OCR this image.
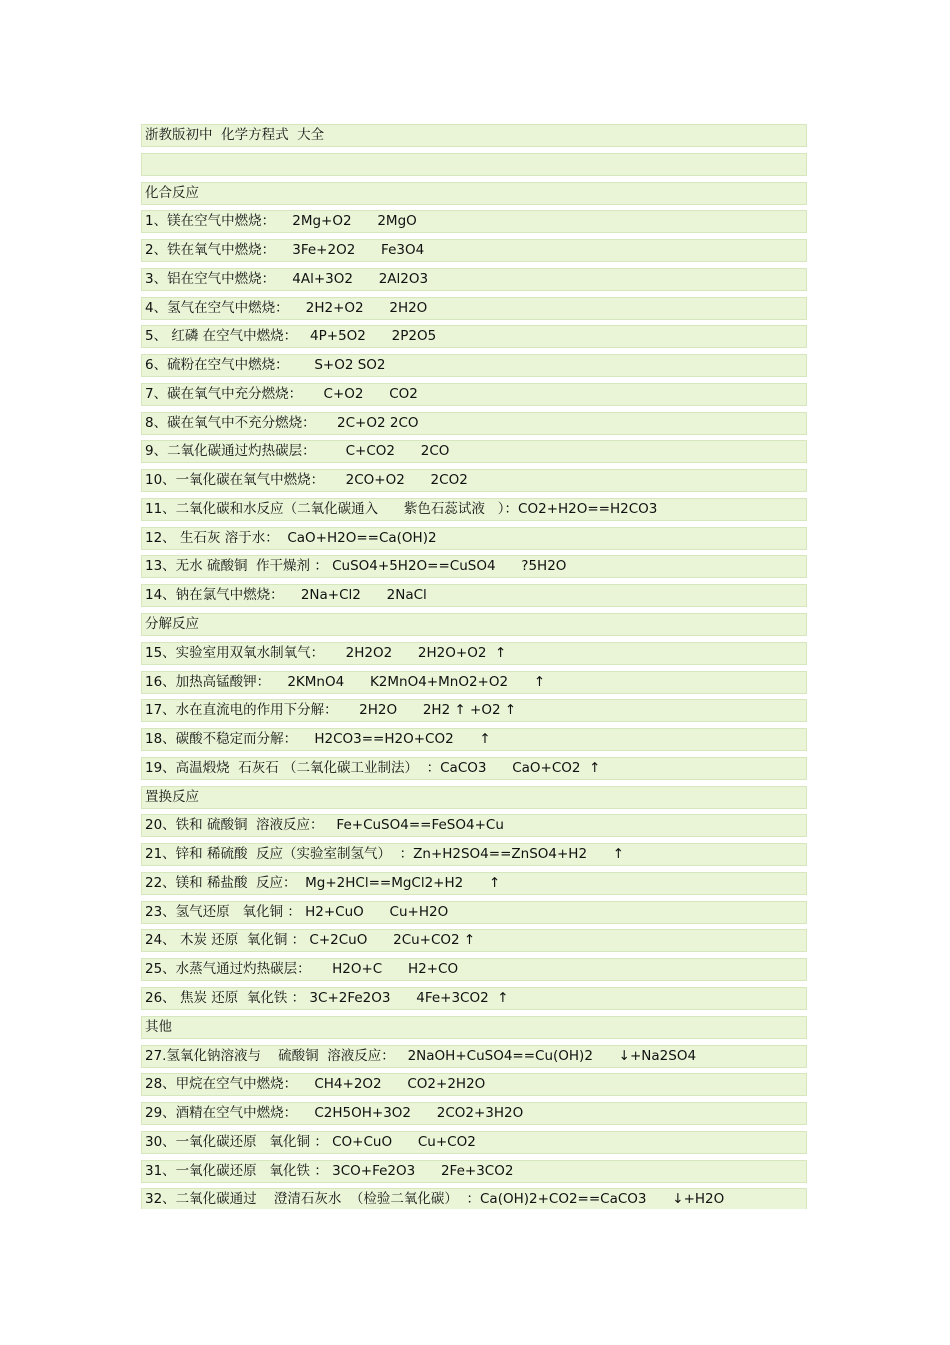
浙教版初中  化学方程式  大全
化合反应
1、镁在空气中燃烧：    2Mg+O2      2MgO
2、铁在氧气中燃烧：    3Fe+2O2      Fe3O4
3、铝在空气中燃烧：    4Al+3O2      2Al2O3
4、氢气在空气中燃烧：    2H2+O2      2H2O
5、 红磷 在空气中燃烧：   4P+5O2      2P2O5
6、硫粉在空气中燃烧：      S+O2 SO2
7、碳在氧气中充分燃烧：     C+O2      CO2
8、碳在氧气中不充分燃烧：     2C+O2 2CO
9、二氧化碳通过灼热碳层：       C+CO2      2CO
10、一氧化碳在氧气中燃烧：     2CO+O2      2CO2
11、二氧化碳和水反应（二氧化碳通入      紫色石蕊试液   ）：CO2+H2O==H2CO3
12、 生石灰 溶于水：  CaO+H2O==Ca(OH)2
13、无水 硫酸铜  作干燥剂 ： CuSO4+5H2O==CuSO4      ?5H2O
14、钠在氯气中燃烧：    2Na+Cl2      2NaCl
分解反应
15、实验室用双氧水制氧气：     2H2O2      2H2O+O2  ↑
16、加热高锰酸钾：    2KMnO4      K2MnO4+MnO2+O2      ↑
17、水在直流电的作用下分解：     2H2O      2H2 ↑ +O2 ↑
18、碳酸不稳定而分解：    H2CO3==H2O+CO2      ↑
19、高温煅烧  石灰石 （二氧化碳工业制法）  ：CaCO3      CaO+CO2  ↑
置换反应
20、铁和 硫酸铜  溶液反应：   Fe+CuSO4==FeSO4+Cu
21、锌和 稀硫酸  反应（实验室制氢气）  ：Zn+H2SO4==ZnSO4+H2      ↑
22、镁和 稀盐酸  反应：  Mg+2HCl==MgCl2+H2      ↑
23、氢气还原   氧化铜 ： H2+CuO      Cu+H2O
24、 木炭 还原  氧化铜 ： C+2CuO      2Cu+CO2 ↑
25、水蒸气通过灼热碳层：     H2O+C      H2+CO
26、 焦炭 还原  氧化铁 ： 3C+2Fe2O3      4Fe+3CO2  ↑
其他
27.氢氧化钠溶液与    硫酸铜  溶液反应：   2NaOH+CuSO4==Cu(OH)2      ↓+Na2SO4
28、甲烷在空气中燃烧：    CH4+2O2      CO2+2H2O
29、酒精在空气中燃烧：    C2H5OH+3O2      2CO2+3H2O
30、一氧化碳还原   氧化铜 ： CO+CuO      Cu+CO2
31、一氧化碳还原   氧化铁 ： 3CO+Fe2O3      2Fe+3CO2
32、二氧化碳通过    澄清石灰水  （检验二氧化碳）  ：Ca(OH)2+CO2==CaCO3      ↓+H2O
